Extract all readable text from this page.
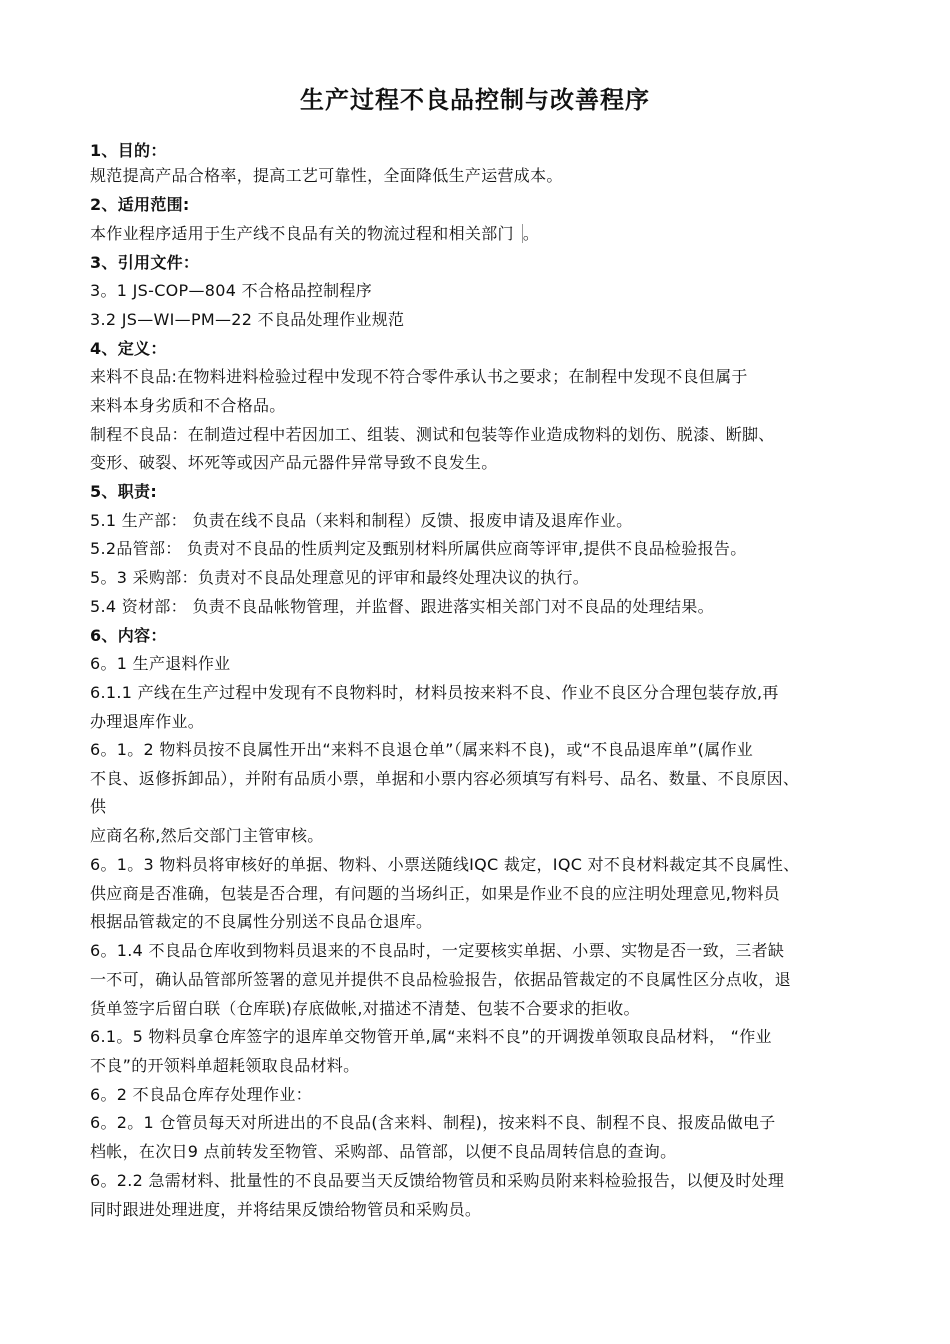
生产过程不良品控制与改善程序
1、目的：
规范提高产品合格率，提高工艺可靠性，全面降低生产运营成本。
2、适用范围:
本作业程序适用于生产线不良品有关的物流过程和相关部门 。
3、引用文件：
3。1 JS-COP—804 不合格品控制程序
3.2 JS—WI—PM—22 不良品处理作业规范
4、定义：
来料不良品:在物料进料检验过程中发现不符合零件承认书之要求；在制程中发现不良但属于
来料本身劣质和不合格品。
制程不良品：在制造过程中若因加工、组装、测试和包装等作业造成物料的划伤、脱漆、断脚、
变形、破裂、坏死等或因产品元器件异常导致不良发生。
5、职责:
5.1 生产部： 负责在线不良品（来料和制程）反馈、报废申请及退库作业。
5.2品管部： 负责对不良品的性质判定及甄别材料所属供应商等评审,提供不良品检验报告。
5。3 采购部：负责对不良品处理意见的评审和最终处理决议的执行。
5.4 资材部： 负责不良品帐物管理，并监督、跟进落实相关部门对不良品的处理结果。
6、内容：
6。1 生产退料作业
6.1.1 产线在生产过程中发现有不良物料时，材料员按来料不良、作业不良区分合理包装存放,再
办理退库作业。
6。1。2 物料员按不良属性开出“来料不良退仓单”（属来料不良)，或“不良品退库单”(属作业
不良、返修拆卸品），并附有品质小票，单据和小票内容必须填写有料号、品名、数量、不良原因、
供
应商名称,然后交部门主管审核。
6。1。3 物料员将审核好的单据、物料、小票送随线IQC 裁定，IQC 对不良材料裁定其不良属性、
供应商是否准确，包装是否合理，有问题的当场纠正，如果是作业不良的应注明处理意见,物料员
根据品管裁定的不良属性分别送不良品仓退库。
6。1.4 不良品仓库收到物料员退来的不良品时，一定要核实单据、小票、实物是否一致，三者缺
一不可，确认品管部所签署的意见并提供不良品检验报告，依据品管裁定的不良属性区分点收，退
货单签字后留白联（仓库联)存底做帐,对描述不清楚、包装不合要求的拒收。
6.1。5 物料员拿仓库签字的退库单交物管开单,属“来料不良”的开调拨单领取良品材料， “作业
不良”的开领料单超耗领取良品材料。
6。2 不良品仓库存处理作业：
6。2。1 仓管员每天对所进出的不良品(含来料、制程)，按来料不良、制程不良、报废品做电子
档帐，在次日9 点前转发至物管、采购部、品管部，以便不良品周转信息的查询。
6。2.2 急需材料、批量性的不良品要当天反馈给物管员和采购员附来料检验报告，以便及时处理
同时跟进处理进度，并将结果反馈给物管员和采购员。
